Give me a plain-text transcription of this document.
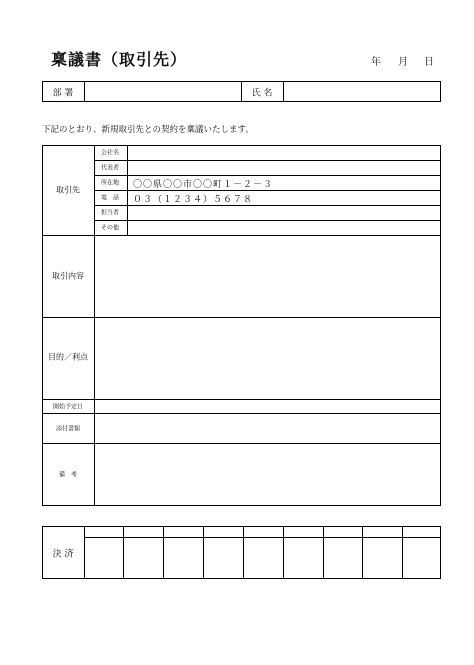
稟議書（取引先）	年 月 日
部 署	氏 名
下記のとおり、新規取引先との契約を稟議いたします。
取引先
会社名
代表者
所在地 〇〇県〇〇市〇〇町１－２－３
電　話 ０３（１２３４）５６７８
担当者
その他
取引内容
目的／利点
開始予定日
添付書類
備　考
決 済
